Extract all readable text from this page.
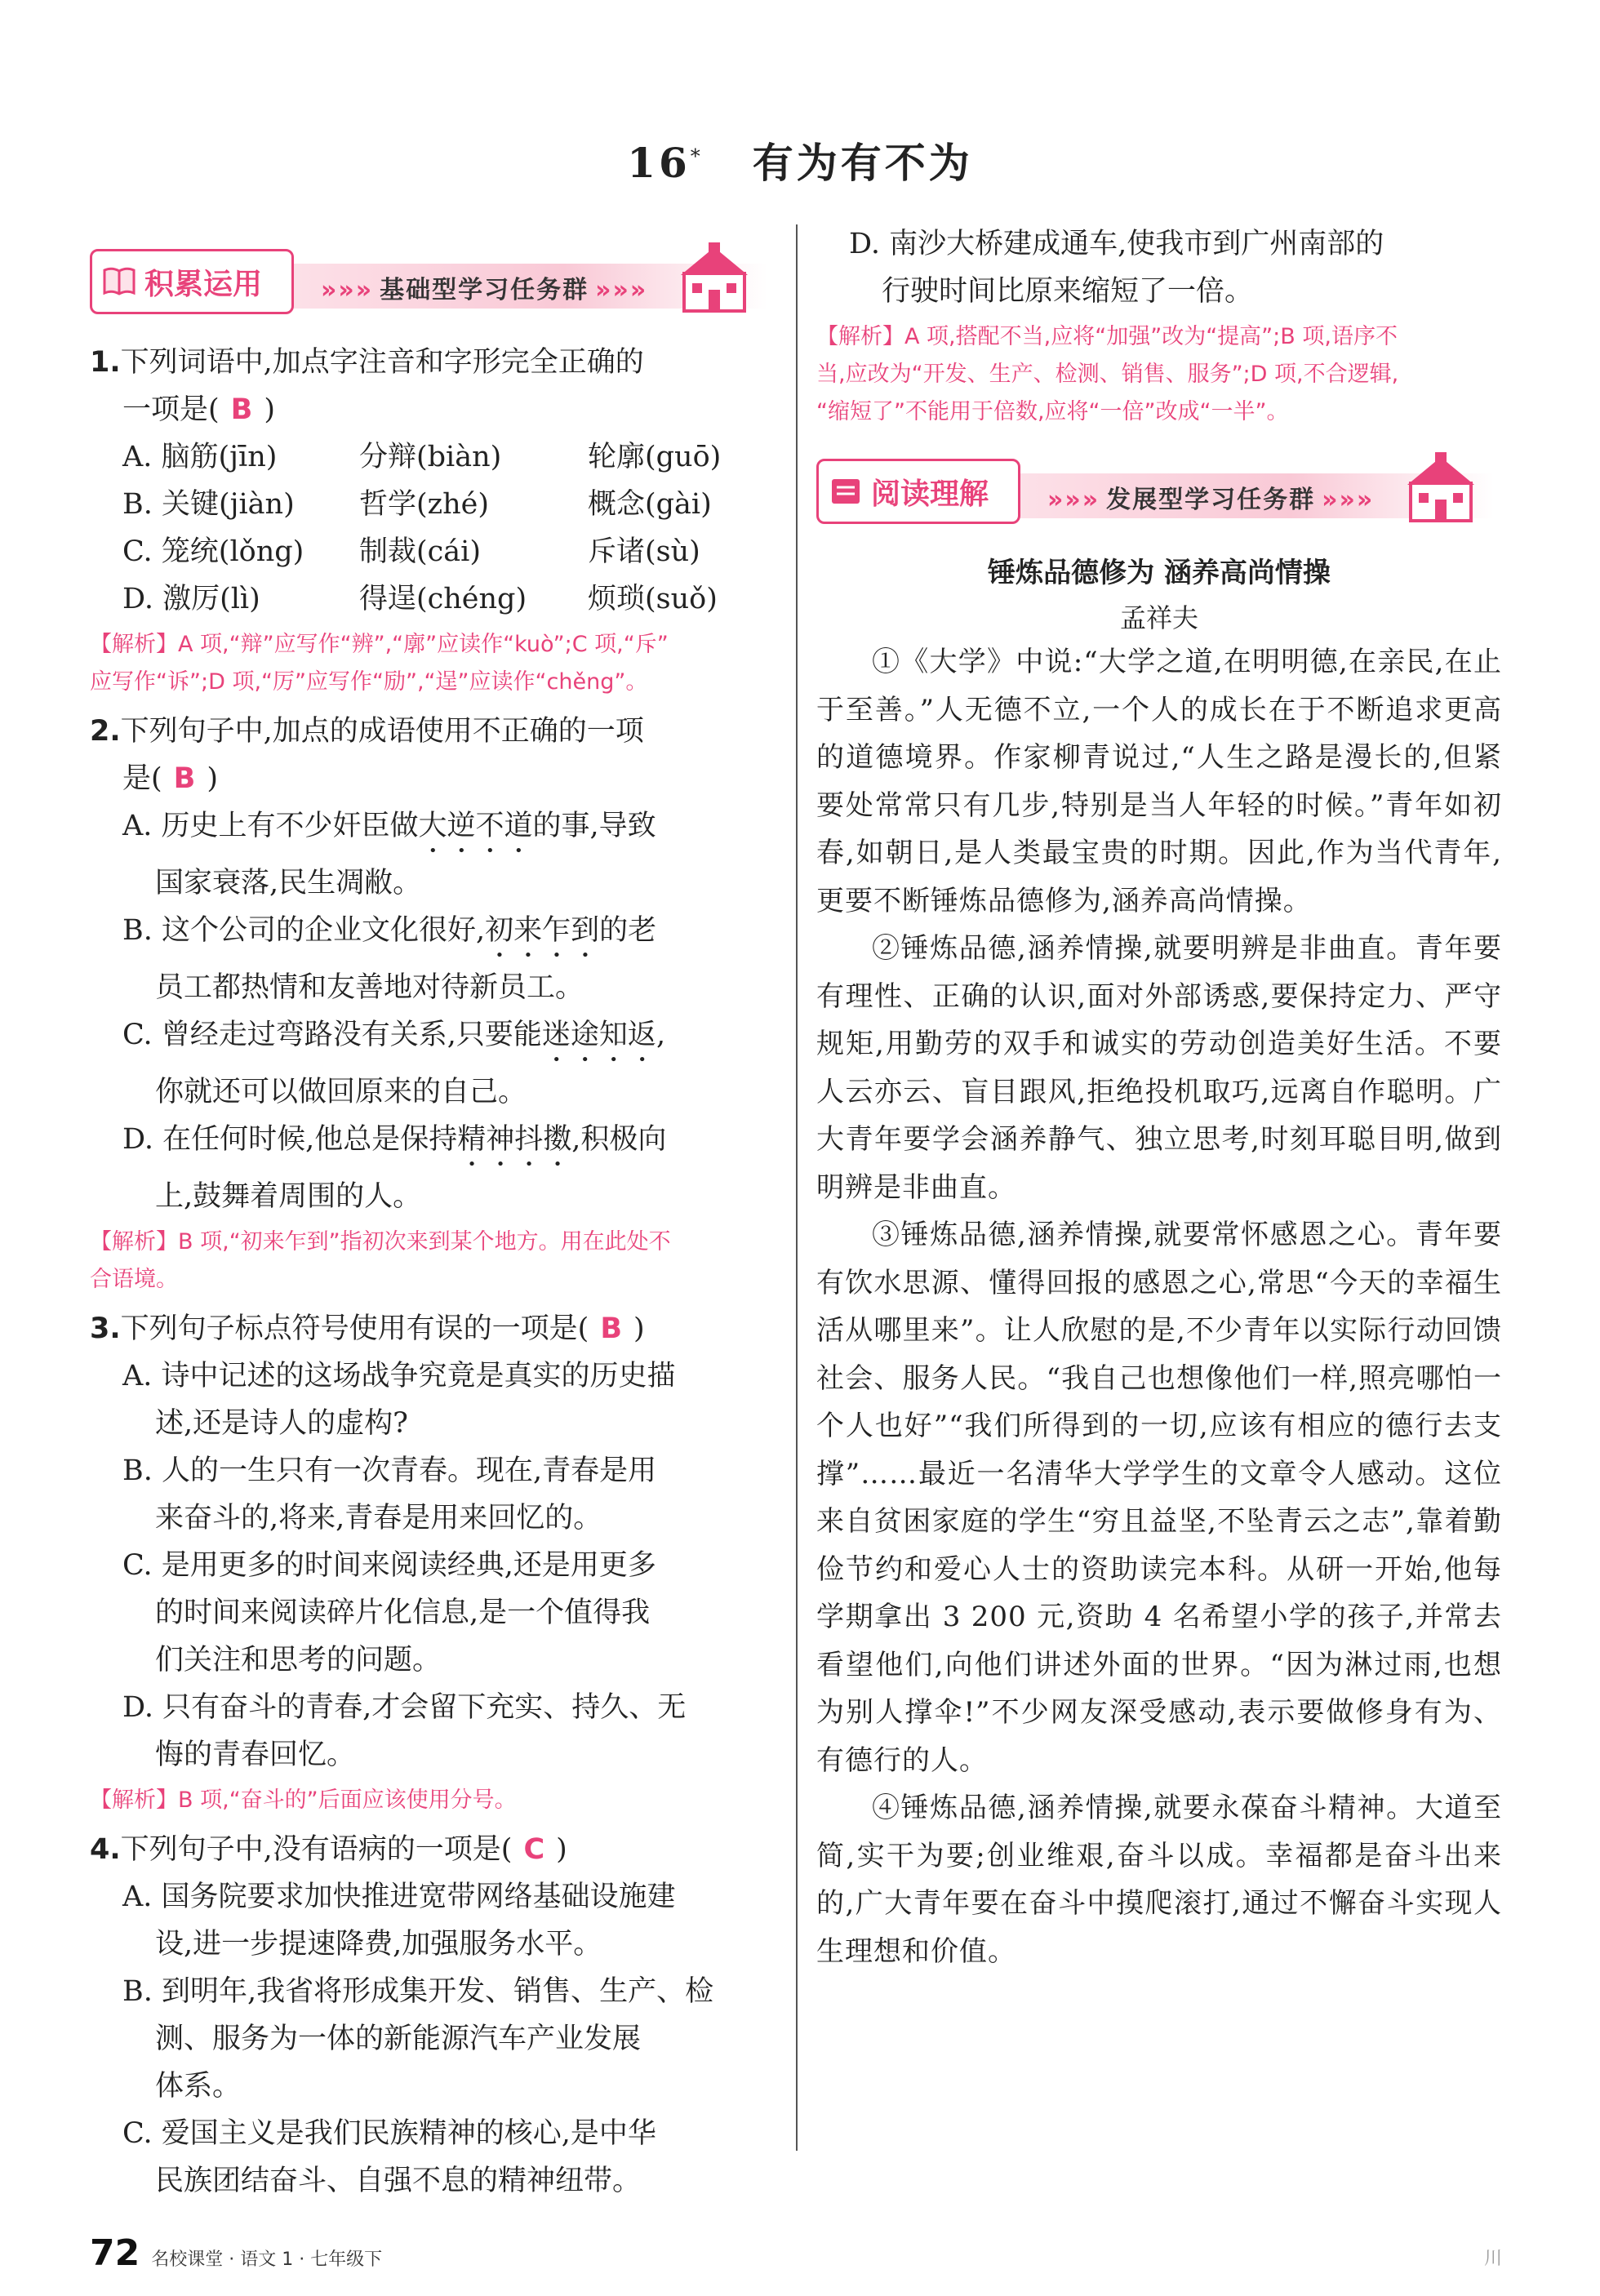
16* 有为有不为
积累运用 »»» 基础型学习任务群 »»»
1.下列词语中,加点字注音和字形完全正确的
一项是( B )
A. 脑筋(jīn)	分辩(biàn)	轮廓(guō)
B. 关键(jiàn)	哲学(zhé)	概念(gài)
C. 笼统(lǒng)	制裁(cái)	斥诸(sù)
D. 激厉(lì)	得逞(chéng)	烦琐(suǒ)
【解析】A 项,“辩”应写作“辨”,“廓”应读作“kuò”;C 项,“斥”
应写作“诉”;D 项,“厉”应写作“励”,“逞”应读作“chěng”。
2.下列句子中,加点的成语使用不正确的一项
是( B )
A. 历史上有不少奸臣做大逆不道的事,导致
国家衰落,民生凋敝。
B. 这个公司的企业文化很好,初来乍到的老
员工都热情和友善地对待新员工。
C. 曾经走过弯路没有关系,只要能迷途知返,
你就还可以做回原来的自己。
D. 在任何时候,他总是保持精神抖擞,积极向
上,鼓舞着周围的人。
【解析】B 项,“初来乍到”指初次来到某个地方。用在此处不
合语境。
3.下列句子标点符号使用有误的一项是( B )
A. 诗中记述的这场战争究竟是真实的历史描
述,还是诗人的虚构?
B. 人的一生只有一次青春。现在,青春是用
来奋斗的,将来,青春是用来回忆的。
C. 是用更多的时间来阅读经典,还是用更多
的时间来阅读碎片化信息,是一个值得我
们关注和思考的问题。
D. 只有奋斗的青春,才会留下充实、持久、无
悔的青春回忆。
【解析】B 项,“奋斗的”后面应该使用分号。
4.下列句子中,没有语病的一项是( C )
A. 国务院要求加快推进宽带网络基础设施建
设,进一步提速降费,加强服务水平。
B. 到明年,我省将形成集开发、销售、生产、检
测、服务为一体的新能源汽车产业发展
体系。
C. 爱国主义是我们民族精神的核心,是中华
民族团结奋斗、自强不息的精神纽带。
D. 南沙大桥建成通车,使我市到广州南部的
行驶时间比原来缩短了一倍。
【解析】A 项,搭配不当,应将“加强”改为“提高”;B 项,语序不
当,应改为“开发、生产、检测、销售、服务”;D 项,不合逻辑,
“缩短了”不能用于倍数,应将“一倍”改成“一半”。
阅读理解 »»» 发展型学习任务群 »»»
锤炼品德修为 涵养高尚情操
孟祥夫

①《大学》中说:“大学之道,在明明德,在亲民,在止于至善。”人无德不立,一个人的成长在于不断追求更高的道德境界。作家柳青说过,“人生之路是漫长的,但紧要处常常只有几步,特别是当人年轻的时候。”青年如初春,如朝日,是人类最宝贵的时期。因此,作为当代青年,更要不断锤炼品德修为,涵养高尚情操。

②锤炼品德,涵养情操,就要明辨是非曲直。青年要有理性、正确的认识,面对外部诱惑,要保持定力、严守规矩,用勤劳的双手和诚实的劳动创造美好生活。不要人云亦云、盲目跟风,拒绝投机取巧,远离自作聪明。广大青年要学会涵养静气、独立思考,时刻耳聪目明,做到明辨是非曲直。

③锤炼品德,涵养情操,就要常怀感恩之心。青年要有饮水思源、懂得回报的感恩之心,常思“今天的幸福生活从哪里来”。让人欣慰的是,不少青年以实际行动回馈社会、服务人民。“我自己也想像他们一样,照亮哪怕一个人也好”“我们所得到的一切,应该有相应的德行去支撑”……最近一名清华大学学生的文章令人感动。这位来自贫困家庭的学生“穷且益坚,不坠青云之志”,靠着勤俭节约和爱心人士的资助读完本科。从研一开始,他每学期拿出 3 200 元,资助 4 名希望小学的孩子,并常去看望他们,向他们讲述外面的世界。“因为淋过雨,也想为别人撑伞!”不少网友深受感动,表示要做修身有为、有德行的人。

④锤炼品德,涵养情操,就要永葆奋斗精神。大道至简,实干为要;创业维艰,奋斗以成。幸福都是奋斗出来的,广大青年要在奋斗中摸爬滚打,通过不懈奋斗实现人生理想和价值。

72 名校课堂 · 语文 1 · 七年级下	川
